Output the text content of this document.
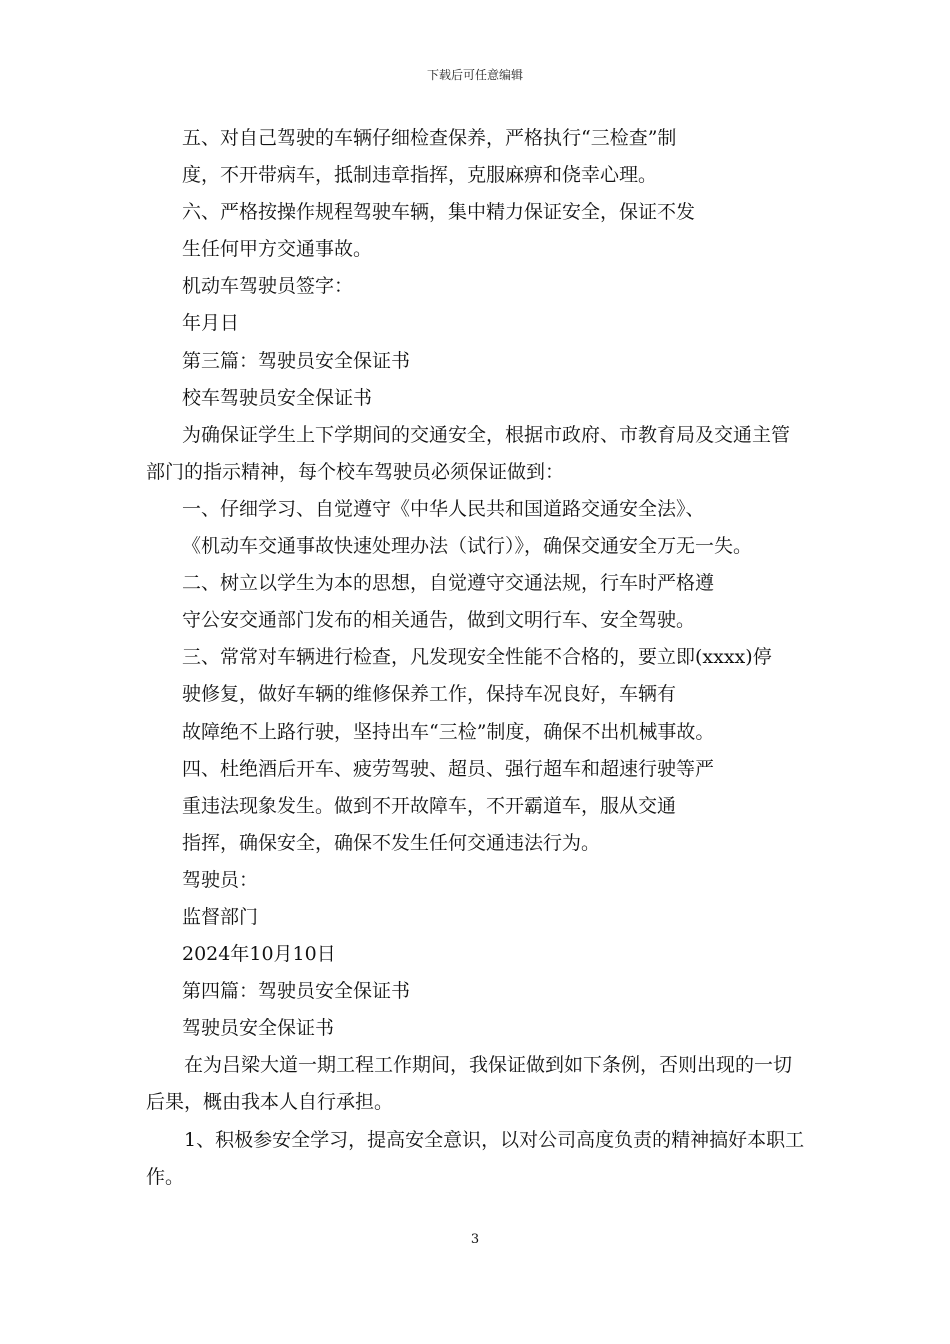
下载后可任意编辑
五、对自己驾驶的车辆仔细检查保养，严格执行“三检查”制
度，不开带病车，抵制违章指挥，克服麻痹和侥幸心理。
六、严格按操作规程驾驶车辆，集中精力保证安全，保证不发
生任何甲方交通事故。
机动车驾驶员签字：
年月日
第三篇：驾驶员安全保证书
校车驾驶员安全保证书
为确保证学生上下学期间的交通安全，根据市政府、市教育局及交通主管
部门的指示精神，每个校车驾驶员必须保证做到：
一、仔细学习、自觉遵守《中华人民共和国道路交通安全法》、
《机动车交通事故快速处理办法（试行）》，确保交通安全万无一失。
二、树立以学生为本的思想，自觉遵守交通法规，行车时严格遵
守公安交通部门发布的相关通告，做到文明行车、安全驾驶。
三、常常对车辆进行检查，凡发现安全性能不合格的，要立即(xxxx)停
驶修复，做好车辆的维修保养工作，保持车况良好，车辆有
故障绝不上路行驶，坚持出车“三检”制度，确保不出机械事故。
四、杜绝酒后开车、疲劳驾驶、超员、强行超车和超速行驶等严
重违法现象发生。做到不开故障车，不开霸道车，服从交通
指挥，确保安全，确保不发生任何交通违法行为。
驾驶员：
监督部门
2024年10月10日
第四篇：驾驶员安全保证书
驾驶员安全保证书
在为吕梁大道一期工程工作期间，我保证做到如下条例，否则出现的一切
后果，概由我本人自行承担。
1、积极参安全学习，提高安全意识，以对公司高度负责的精神搞好本职工
作。
3
